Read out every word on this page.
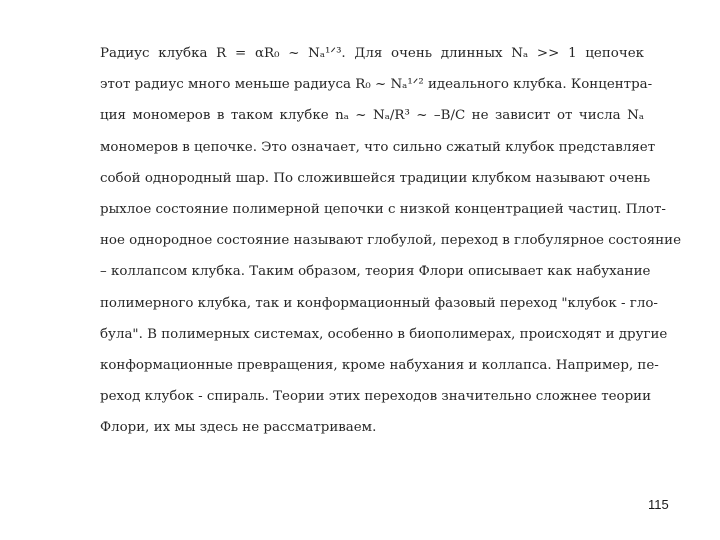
Радиус клубка R = αR₀ ~ Nₐ¹ᐟ³. Для очень длинных Nₐ >> 1 цепочек
этот радиус много меньше радиуса R₀ ~ Nₐ¹ᐟ² идеального клубка. Концентра-
ция мономеров в таком клубке nₐ ~ Nₐ/R³ ~ –B/C не зависит от числа Nₐ
мономеров в цепочке. Это означает, что сильно сжатый клубок представляет
собой однородный шар. По сложившейся традиции клубком называют очень
рыхлое состояние полимерной цепочки с низкой концентрацией частиц. Плот-
ное однородное состояние называют глобулой, переход в глобулярное состояние
– коллапсом клубка. Таким образом, теория Флори описывает как набухание
полимерного клубка, так и конформационный фазовый переход "клубок - гло-
була". В полимерных системах, особенно в биополимерах, происходят и другие
конформационные превращения, кроме набухания и коллапса. Например, пе-
реход клубок - спираль. Теории этих переходов значительно сложнее теории
Флори, их мы здесь не рассматриваем.
115
